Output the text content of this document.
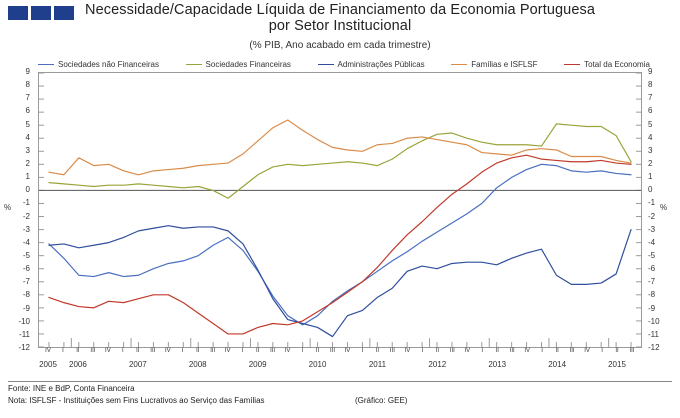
Necessidade/Capacidade Líquida de Financiamento da Economia Portuguesa
por Setor Institucional
(% PIB, Ano acabado em cada trimestre)
Sociedades não Financeiras	Sociedades Financeiras	Administrações Públicas	Famílias e ISFLSF	Total da Economia
9
8
7
6
5
4
3
2
1
0
-1
-2
-3
-4
-5
-6
-7
-8
-9
-10
-11
-12
9
8
7
6
5
4
3
2
1
0
-1
-2
-3
-4
-5
-6
-7
-8
-9
-10
-11
-12
%	%
IV	I	II	III	IV	I	II	III	IV	I	II	III	IV	I	II	III	IV	I	II	III	IV	I	II	III	IV	I	II	III	IV	I	II	III	IV	I	II	III	IV	I	II	III
2005	2006	2007	2008	2009	2010	2011	2012	2013	2014	2015
Fonte: INE e BdP, Conta Financeira
Nota: ISFLSF - Instituições sem Fins Lucrativos ao Serviço das Famílias	(Gráfico: GEE)
